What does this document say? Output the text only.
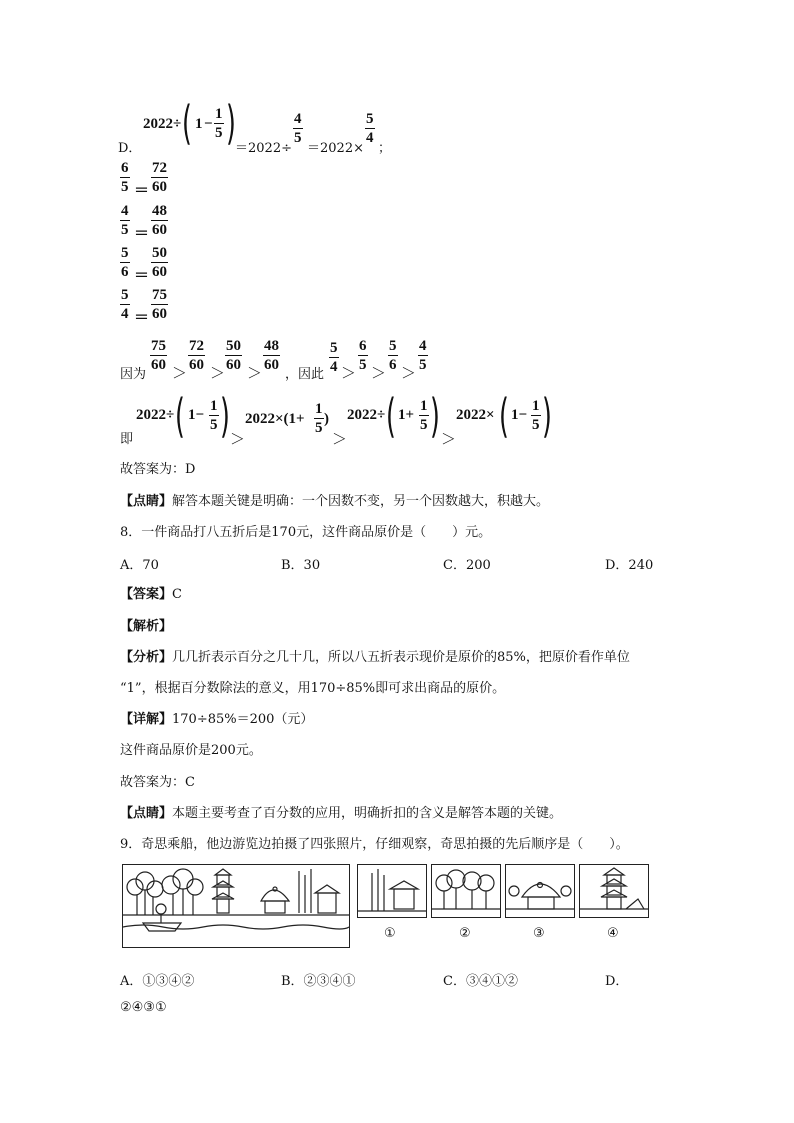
D．
2022÷ ( $1 - \frac{1}{5}$ ) ＝2022÷
$\frac{4}{5}$
＝2022×
$\frac{5}{4}$
；
$\frac{6}{5} = \frac{72}{60}$
$\frac{4}{5} = \frac{48}{60}$
$\frac{5}{6} = \frac{50}{60}$
$\frac{5}{4} = \frac{75}{60}$
因为
$\frac{75}{60} > \frac{72}{60} > \frac{50}{60} > \frac{48}{60}$
，因此 $\frac{5}{4} > \frac{6}{5} > \frac{5}{6} > \frac{4}{5}$
即
2022÷ ( $1- \frac{1}{5}$ ) ＞
$2022\times(1+ \frac{1}{5}$ )
＞
2022÷ ( $1+ \frac{1}{5}$ ) ＞
2022× ( $1- \frac{1}{5}$ )
故答案为：D
【点睛】解答本题关键是明确：一个因数不变，另一个因数越大，积越大。
8．一件商品打八五折后是170元，这件商品原价是（　　）元。
A．70	B．30	C．200	D．240
【答案】C
【解析】
【分析】几几折表示百分之几十几，所以八五折表示现价是原价的85%，把原价看作单位
“1”，根据百分数除法的意义，用170÷85%即可求出商品的原价。
【详解】170÷85%＝200（元）
这件商品原价是200元。
故答案为：C
【点睛】本题主要考查了百分数的应用，明确折扣的含义是解答本题的关键。
9．奇思乘船，他边游览边拍摄了四张照片，仔细观察，奇思拍摄的先后顺序是（　　）。
①	②	③	④
A．①③④②	B．②③④①	C．③④①②	D．
②④③①
